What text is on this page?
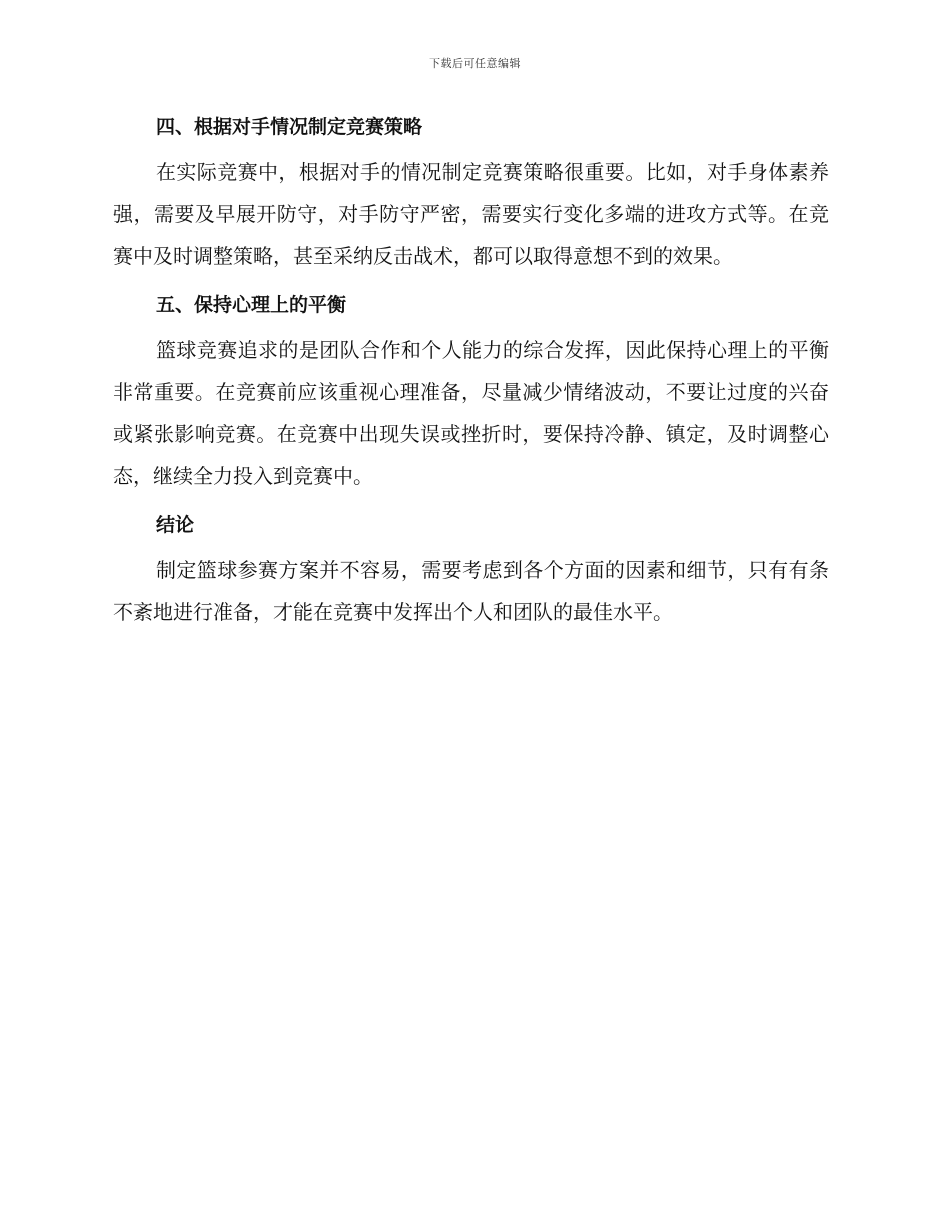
下载后可任意编辑
四、根据对手情况制定竞赛策略

在实际竞赛中，根据对手的情况制定竞赛策略很重要。比如，对手身体素养强，需要及早展开防守，对手防守严密，需要实行变化多端的进攻方式等。在竞赛中及时调整策略，甚至采纳反击战术，都可以取得意想不到的效果。

五、保持心理上的平衡

篮球竞赛追求的是团队合作和个人能力的综合发挥，因此保持心理上的平衡非常重要。在竞赛前应该重视心理准备，尽量减少情绪波动，不要让过度的兴奋或紧张影响竞赛。在竞赛中出现失误或挫折时，要保持冷静、镇定，及时调整心态，继续全力投入到竞赛中。

结论

制定篮球参赛方案并不容易，需要考虑到各个方面的因素和细节，只有有条不紊地进行准备，才能在竞赛中发挥出个人和团队的最佳水平。
